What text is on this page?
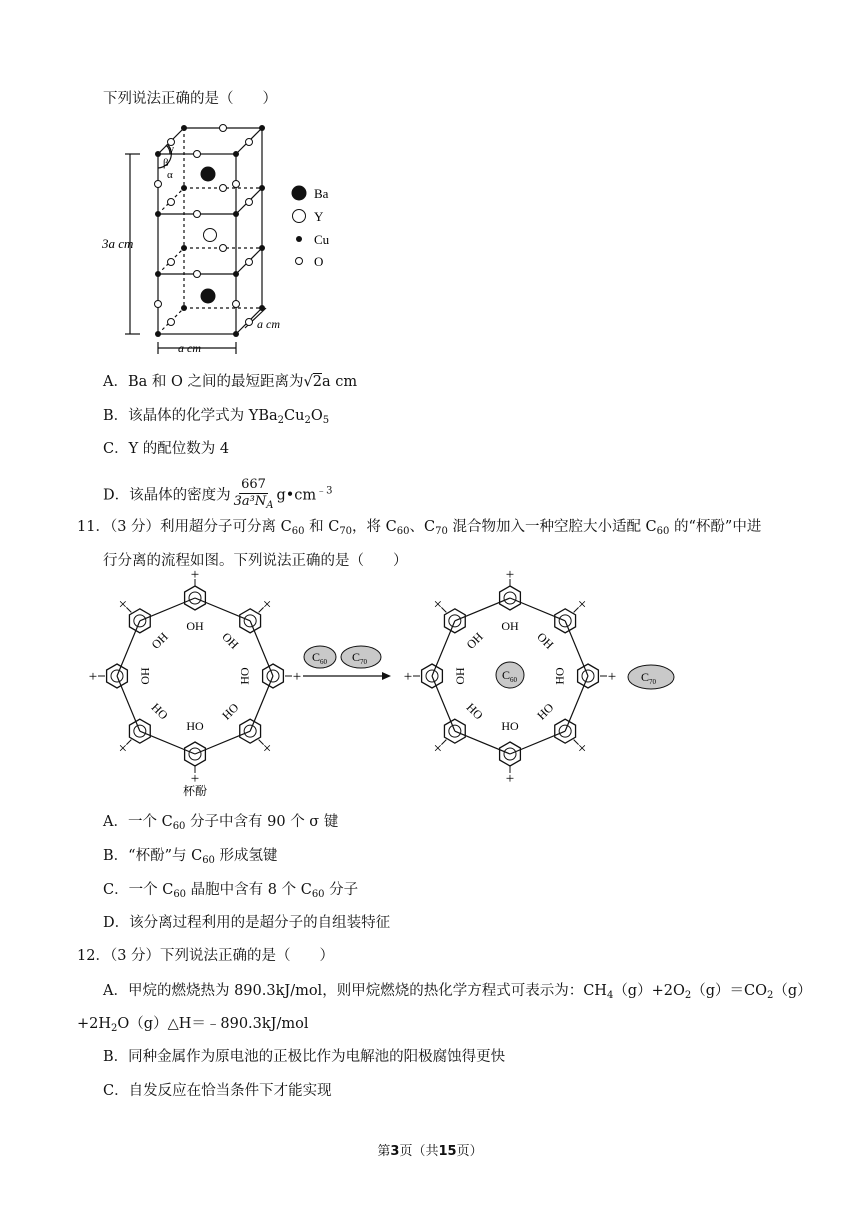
下列说法正确的是（　　）
γ
β
α
3a cm
a cm
a cm
Ba
Y
Cu
O
A．Ba 和 O 之间的最短距离为√2a cm
B．该晶体的化学式为 $YBa_2Cu_2O_5$
C．Y 的配位数为 4
D．该晶体的密度为 $\frac{667}{3a^3N_A}$ $g•cm^{﹣3}$
11．（3 分）利用超分子可分离 $C_{60}$ 和 $C_{70}$，将 $C_{60}$、$C_{70}$ 混合物加入一种空腔大小适配 $C_{60}$ 的“杯酚”中进
行分离的流程如图。下列说法正确的是（　　）
+
OH
×
OH
+
OH
×
HO
+
HO
×
HO
+	OH
×
OH
+
OH
×
OH
+
OH
×
HO
+
HO
×
HO
+	OH
×
OH
$C_{60}$ $C_{70}$
$C_{60}$	$C_{70}$
杯酚
A．一个 $C_{60}$ 分子中含有 90 个 σ 键
B．“杯酚”与 $C_{60}$ 形成氢键
C．一个 $C_{60}$ 晶胞中含有 8 个 $C_{60}$ 分子
D．该分离过程利用的是超分子的自组装特征
12．（3 分）下列说法正确的是（　　）
A．甲烷的燃烧热为 890.3kJ/mol，则甲烷燃烧的热化学方程式可表示为：$CH_4(g)+2O_2(g)=CO_2(g)$
$+2H_2O(g)\triangle H=﹣890.3kJ$/mol
B．同种金属作为原电池的正极比作为电解池的阳极腐蚀得更快
C．自发反应在恰当条件下才能实现
第3页（共15页）
